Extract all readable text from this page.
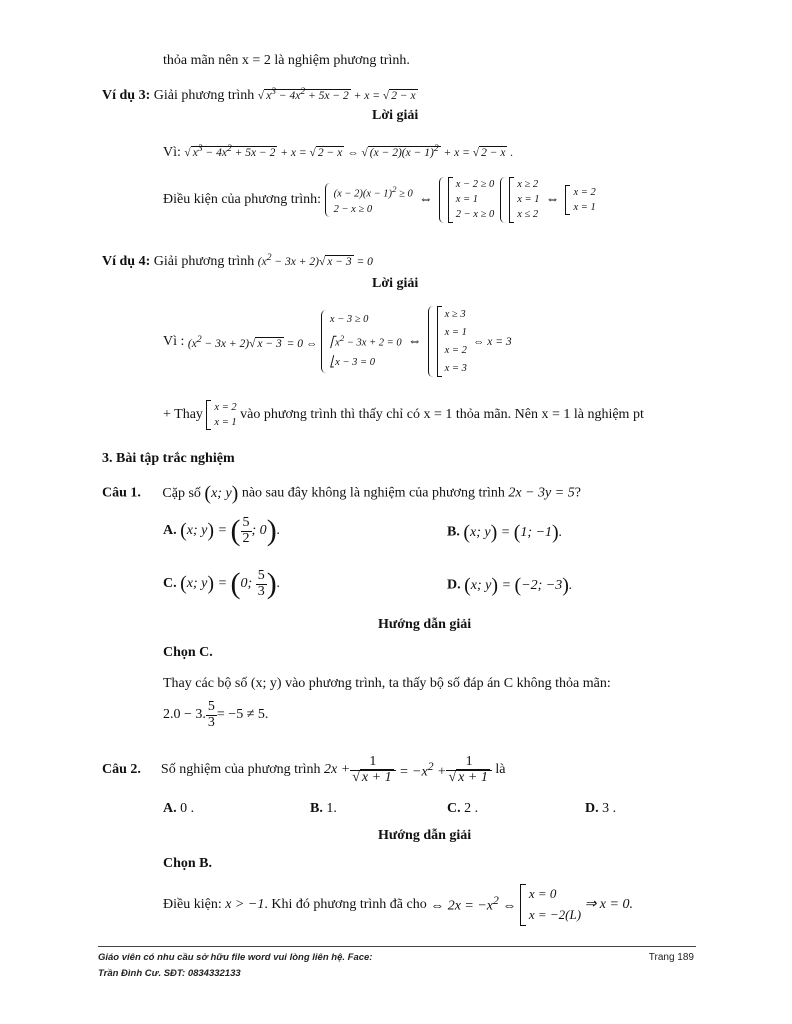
thỏa mãn nên x = 2 là nghiệm phương trình.
Ví dụ 3: Giải phương trình √ $x^3 - 4x^2 + 5x - 2 + x$ = √ 2 − x
Lời giải
Vì: √ $x^3 - 4x^2 + 5x - 2 + x$ = √ 2 − x ⇔ √ $(x - 2)(x - 1)^2 + x$ = √ 2 − x .
Điều kiện của phương trình:
$(x - 2)(x - 1)^2 \ge 0$
2 − x ≥ 0
⇔
x − 2 ≥ 0
x = 1
2 − x ≥ 0
x ≥ 2
x = 1
x ≤ 2
⇔ x = 2
x = 1
Ví dụ 4: Giải phương trình $(x^2 - 3x + 2)√$ x − 3 = 0
Lời giải
Vì :
$(x^2 - 3x + 2)√$ x − 3 = 0 ⇔

x − 3 ≥ 0
$⎡x^2 - 3x + 2 = 0$
⎣x − 3 = 0
⇔
x ≥ 3
x = 1
x = 2
x = 3
⇔ x = 3
+ Thay
x = 2
x = 1

vào phương trình thì thấy chỉ có x = 1 thỏa mãn. Nên x = 1 là nghiệm pt
3. Bài tập trắc nghiệm
Câu 1. Cặp số (x; y) nào sau đây không là nghiệm của phương trình 2x − 3y = 5?
A.
(x; y) = ( $\frac{5}{2}$ ; 0).	B. (x; y) = (1; −1).
C.
(x; y) = (0; $\frac{5}{3}$ ).	D. (x; y) = (−2; −3).
Hướng dẫn giải
Chọn C.
Thay các bộ số (x; y) vào phương trình, ta thấy bộ số đáp án C không thỏa mãn:
2.0 − 3. $\frac{5}{3} = -5 \ne 5$.
Câu 2. Số nghiệm của phương trình
$2x + \frac{1}{√ x + 1} = -x^2 + \frac{1}{√ x + 1}$
là
A. 0 .	B. 1.	C. 2 .	D. 3 .
Hướng dẫn giải
Chọn B.
Điều kiện:
x > −1 . Khi đó phương trình đã cho
⇔ $2x = -x^2$ ⇔

x = 0
x = −2(L)
⇒ x = 0.
Giáo viên có nhu cầu sở hữu file word vui lòng liên hệ. Face:
Trần Đình Cư. SĐT: 0834332133
Trang 189
